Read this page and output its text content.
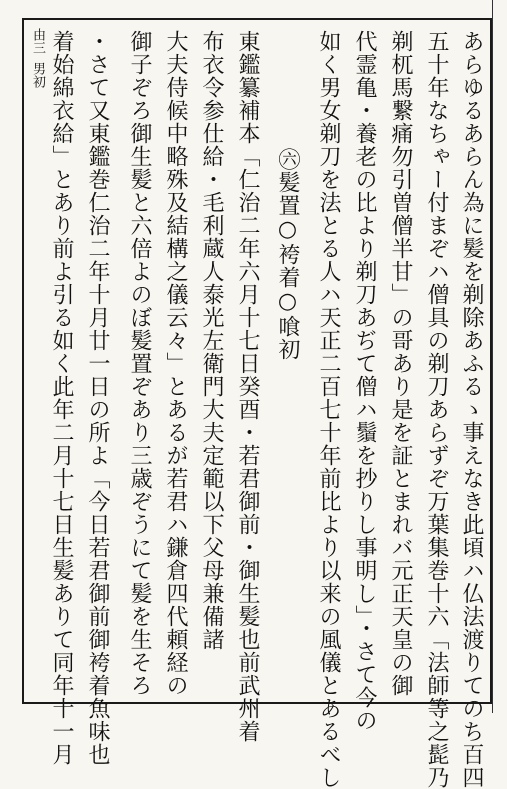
あらゆるあらん為に髪を剃除あふるゝ事えなき此頃ハ仏法渡りてのち百四
五十年なちゃー付まぞハ僧具の剃刀あらずぞ万葉集巻十六「法師等之髭乃
剃杌馬繋痛勿引曽僧半甘」の哥あり是を証とまれバ元正天皇の御
代霊亀・養老の比より剃刀あぢて僧ハ鬚を抄りし事明し」・さて今の
如く男女剃刀を法とる人ハ天正二百七十年前比より以来の風儀とあるべし
㊅髪置○袴着○喰初
東鑑纂補本「仁治二年六月十七日癸酉・若君御前・御生髪也前武州着
布衣令参仕給・毛利蔵人泰光左衛門大夫定範以下父母兼備諸
大夫侍候中略殊及結構之儀云々」とあるが若君ハ鎌倉四代頼経の
御子ぞろ御生髪と六倍よのぼ髪置ぞあり三歳ぞうにて髪を生そろ
・さて又東鑑巻仁治二年十月廿一日の所よ「今日若君御前御袴着魚味也
着始綿衣給」とあり前よ引る如く此年二月十七日生髪ありて同年十一月
由三
男初
